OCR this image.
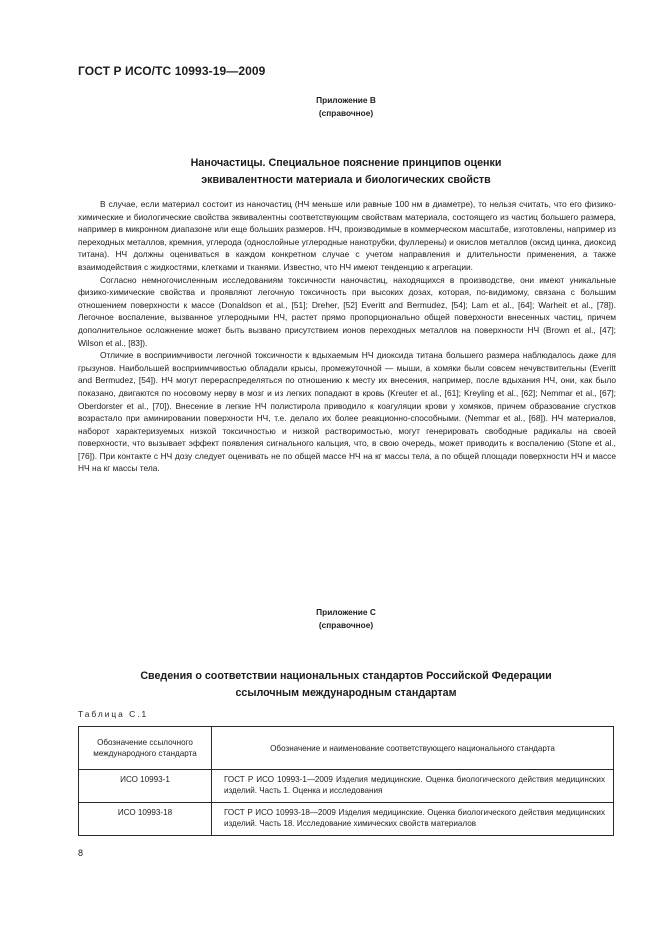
ГОСТ Р ИСО/ТС 10993-19—2009
Приложение В
(справочное)
Наночастицы. Специальное пояснение принципов оценки
эквивалентности материала и биологических свойств

В случае, если материал состоит из наночастиц (НЧ меньше или равные 100 нм в диаметре), то нельзя считать, что его физико-химические и биологические свойства эквивалентны соответствующим свойствам материала, состоящего из частиц большего размера, например в микронном диапазоне или еще больших размеров. НЧ, производимые в коммерческом масштабе, изготовлены, например из переходных металлов, кремния, углерода (однослойные углеродные нанотрубки, фуллерены) и окислов металлов (оксид цинка, диоксид титана). НЧ должны оцениваться в каждом конкретном случае с учетом направления и длительности применения, а также взаимодействия с жидкостями, клетками и тканями. Известно, что НЧ имеют тенденцию к агрегации.

Согласно немногочисленным исследованиям токсичности наночастиц, находящихся в производстве, они имеют уникальные физико-химические свойства и проявляют легочную токсичность при высоких дозах, которая, по-видимому, связана с большим отношением поверхности к массе (Donaldson et al., [51]; Dreher, [52] Everitt and Bermudez, [54]; Lam et al., [64]; Warheit et al., [78]). Легочное воспаление, вызванное углеродными НЧ, растет прямо пропорционально общей поверхности внесенных частиц, причем дополнительное осложнение может быть вызвано присутствием ионов переходных металлов на поверхности НЧ (Brown et al., [47]; Wilson et al., [83]).

Отличие в восприимчивости легочной токсичности к вдыхаемым НЧ диоксида титана большего размера наблюдалось даже для грызунов. Наибольшей восприимчивостью обладали крысы, промежуточной — мыши, а хомяки были совсем нечувствительны (Everitt and Bermudez, [54]). НЧ могут перераспределяться по отношению к месту их внесения, например, после вдыхания НЧ, они, как было показано, двигаются по носовому нерву в мозг и из легких попадают в кровь (Kreuter et al., [61]; Kreyling et al., [62]; Nemmar et al., [67]; Oberdorster et al., [70]). Внесение в легкие НЧ полистирола приводило к коагуляции крови у хомяков, причем образование сгустков возрастало при аминировании поверхности НЧ, т.е. делало их более реакционно-способными. (Nemmar et al., [68]). НЧ материалов, наборот характеризуемых низкой токсичностью и низкой растворимостью, могут генерировать свободные радикалы на своей поверхности, что вызывает эффект появления сигнального кальция, что, в свою очередь, может приводить к воспалению (Stone et al., [76]). При контакте с НЧ дозу следует оценивать не по общей массе НЧ на кг массы тела, а по общей площади поверхности НЧ и массе НЧ на кг массы тела.

Приложение С
(справочное)
Сведения о соответствии национальных стандартов Российской Федерации
ссылочным международным стандартам
Таблица С.1
Обозначение ссылочного
международного стандарта	Обозначение и наименование соответствующего национального стандарта
ИСО 10993-1	ГОСТ Р ИСО 10993-1—2009 Изделия медицинские. Оценка биологического действия медицинских изделий. Часть 1. Оценка и исследования
ИСО 10993-18	ГОСТ Р ИСО 10993-18—2009 Изделия медицинские. Оценка биологического действия медицинских изделий. Часть 18. Исследование химических свойств материалов
8
